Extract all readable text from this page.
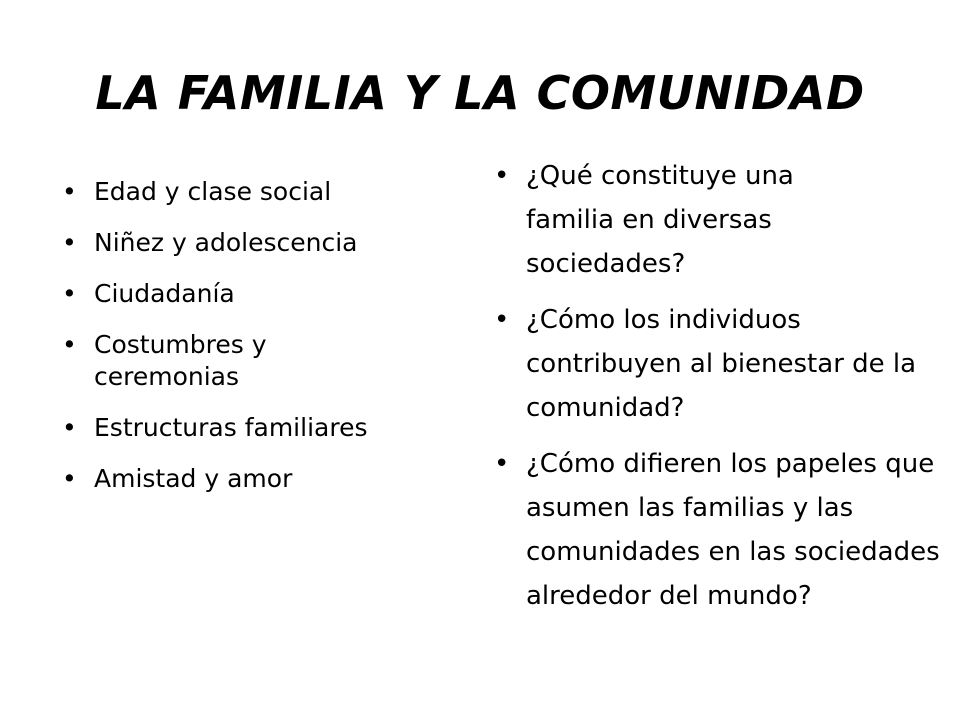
LA FAMILIA Y LA COMUNIDAD
• Edad y clase social
• Niñez y adolescencia
• Ciudadanía
• Costumbres y ceremonias
• Estructuras familiares
• Amistad y amor
• ¿Qué constituye una familia en diversas sociedades?
• ¿Cómo los individuos contribuyen al bienestar de la comunidad?
• ¿Cómo difieren los papeles que asumen las familias y las comunidades en las sociedades alrededor del mundo?
